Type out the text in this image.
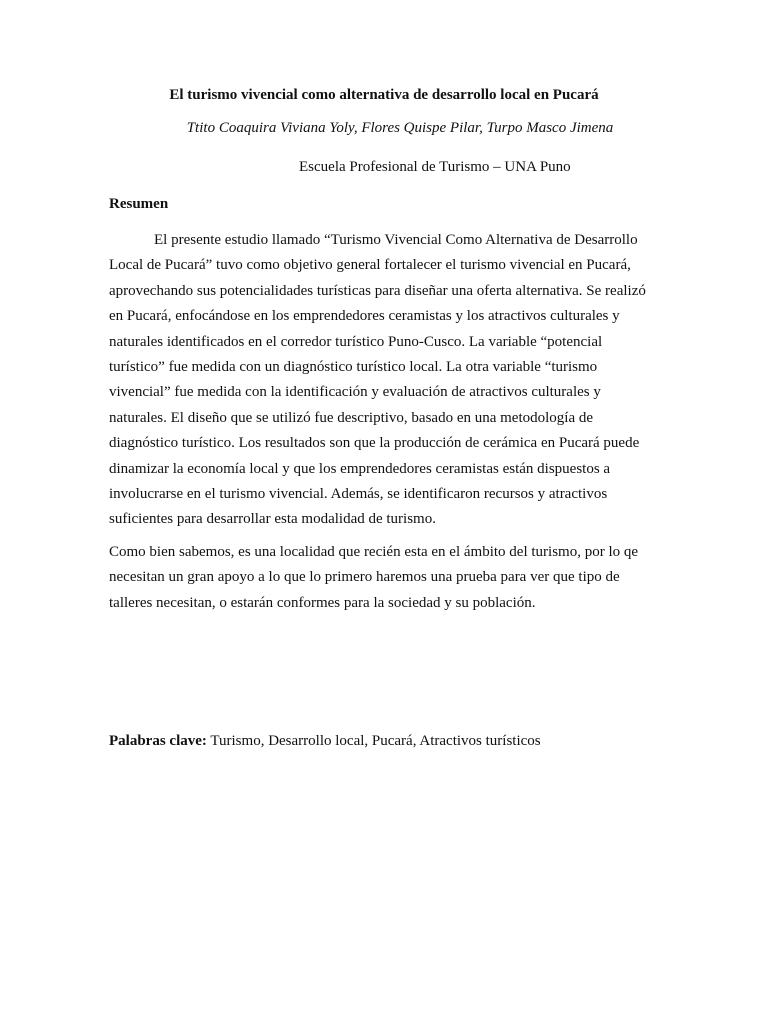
El turismo vivencial como alternativa de desarrollo local en Pucará

Ttito Coaquira Viviana Yoly, Flores Quispe Pilar, Turpo Masco Jimena

Escuela Profesional de Turismo – UNA Puno

Resumen

El presente estudio llamado “Turismo Vivencial Como Alternativa de Desarrollo Local de Pucará” tuvo como objetivo general fortalecer el turismo vivencial en Pucará, aprovechando sus potencialidades turísticas para diseñar una oferta alternativa. Se realizó en Pucará, enfocándose en los emprendedores ceramistas y los atractivos culturales y naturales identificados en el corredor turístico Puno-Cusco. La variable “potencial turístico” fue medida con un diagnóstico turístico local. La otra variable “turismo vivencial” fue medida con la identificación y evaluación de atractivos culturales y naturales. El diseño que se utilizó fue descriptivo, basado en una metodología de diagnóstico turístico. Los resultados son que la producción de cerámica en Pucará puede dinamizar la economía local y que los emprendedores ceramistas están dispuestos a involucrarse en el turismo vivencial. Además, se identificaron recursos y atractivos suficientes para desarrollar esta modalidad de turismo.

Como bien sabemos, es una localidad que recién esta en el ámbito del turismo, por lo qe necesitan un gran apoyo a lo que lo primero haremos una prueba para ver que tipo de talleres necesitan, o estarán conformes para la sociedad y su población.

Palabras clave: Turismo, Desarrollo local, Pucará, Atractivos turísticos
